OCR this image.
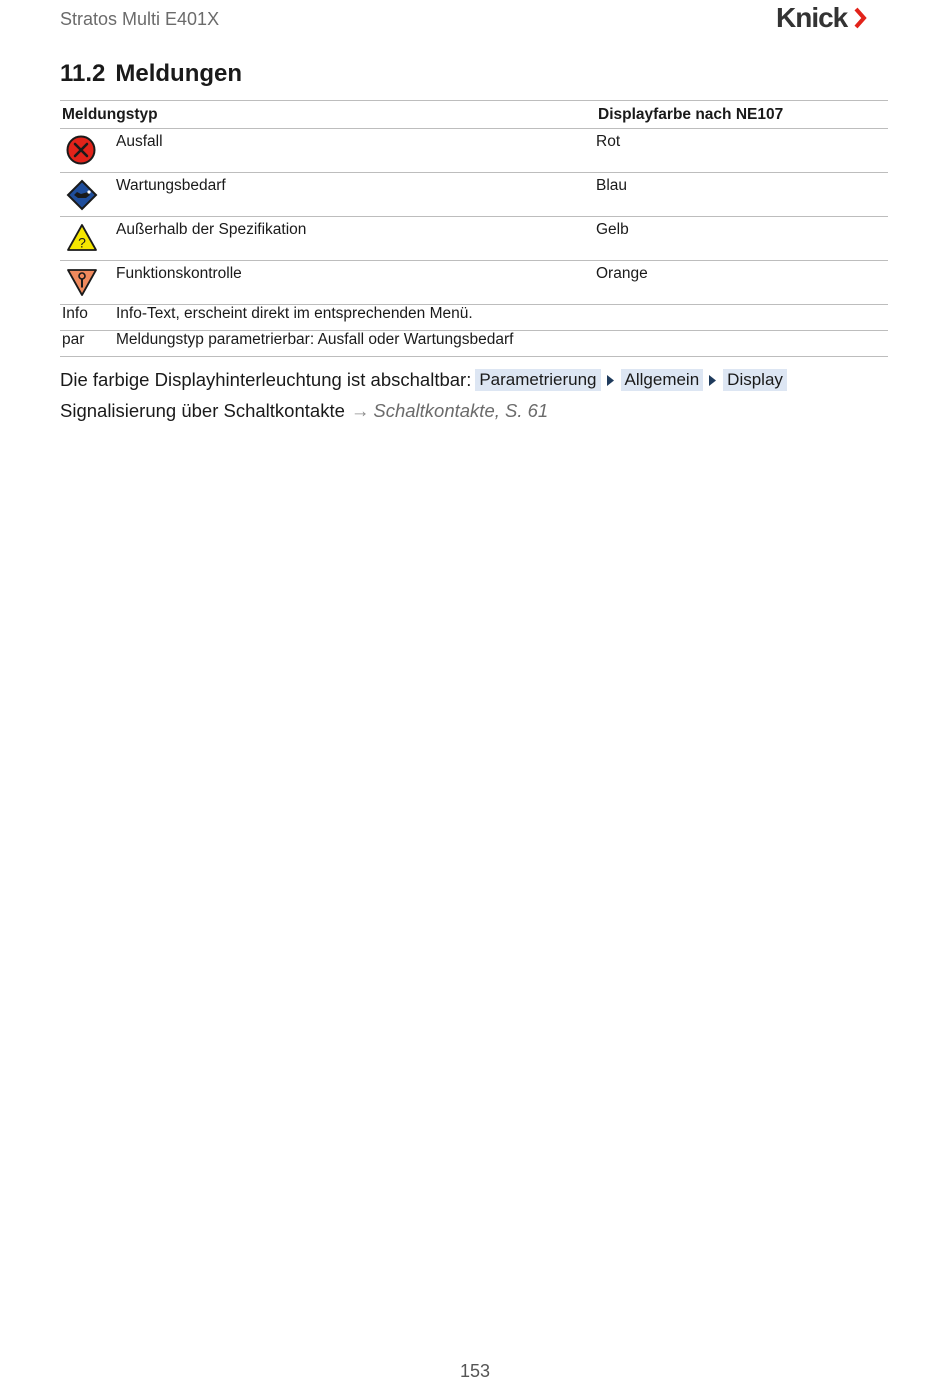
Stratos Multi E401X	Knick
11.2 Meldungen
Meldungstyp		Displayfarbe nach NE107
	Ausfall	Rot
	Wartungsbedarf	Blau

?	Außerhalb der Spezifikation	Gelb
	Funktionskontrolle	Orange
Info	Info-Text, erscheint direkt im entsprechenden Menü.	
par	Meldungstyp parametrierbar: Ausfall oder Wartungsbedarf	
Die farbige Displayhinterleuchtung ist abschaltbar: Parametrierung Allgemein Display
Signalisierung über Schaltkontakte → Schaltkontakte, S. 61
153
